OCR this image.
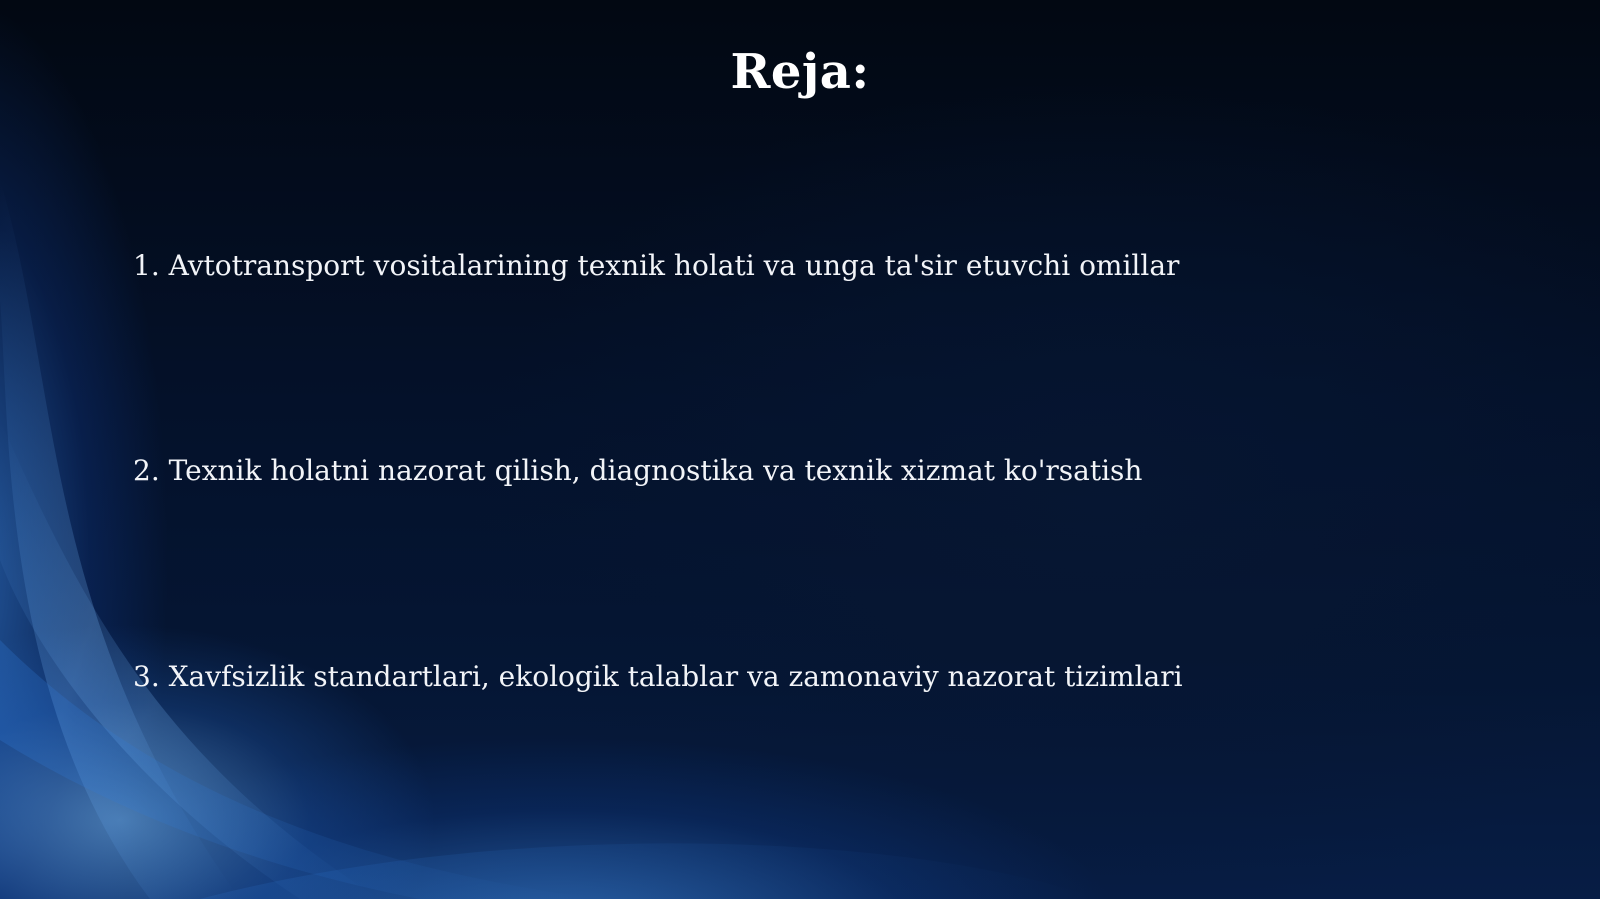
Reja:
1. Avtotransport vositalarining texnik holati va unga ta'sir etuvchi omillar
2. Texnik holatni nazorat qilish, diagnostika va texnik xizmat ko'rsatish
3. Xavfsizlik standartlari, ekologik talablar va zamonaviy nazorat tizimlari
